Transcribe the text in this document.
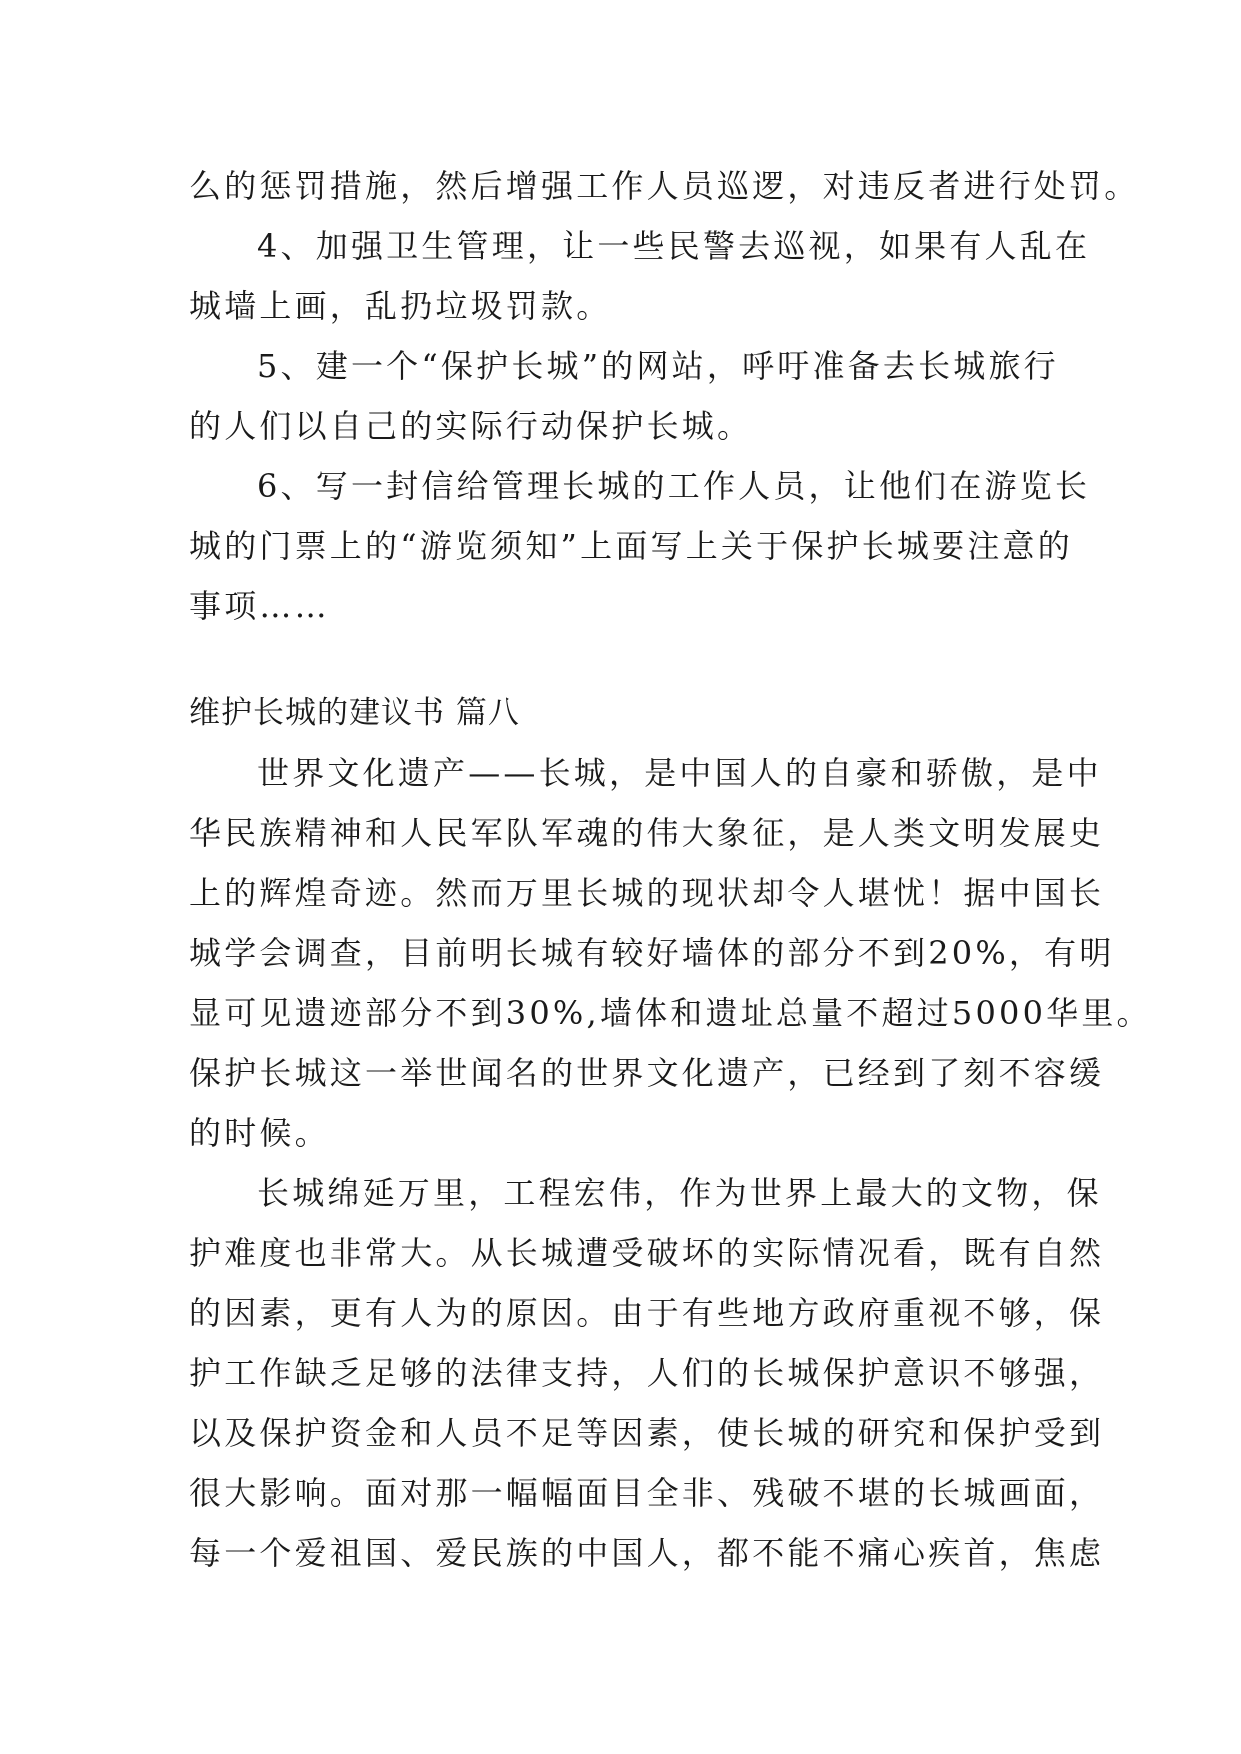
么的惩罚措施，然后增强工作人员巡逻，对违反者进行处罚。
4、加强卫生管理，让一些民警去巡视，如果有人乱在
城墙上画，乱扔垃圾罚款。
5、建一个“保护长城”的网站，呼吁准备去长城旅行
的人们以自己的实际行动保护长城。
6、写一封信给管理长城的工作人员，让他们在游览长
城的门票上的“游览须知”上面写上关于保护长城要注意的
事项……
维护长城的建议书 篇八
世界文化遗产——长城，是中国人的自豪和骄傲，是中
华民族精神和人民军队军魂的伟大象征，是人类文明发展史
上的辉煌奇迹。然而万里长城的现状却令人堪忧！据中国长
城学会调查，目前明长城有较好墙体的部分不到20%，有明
显可见遗迹部分不到30%,墙体和遗址总量不超过5000华里。
保护长城这一举世闻名的世界文化遗产，已经到了刻不容缓
的时候。
长城绵延万里，工程宏伟，作为世界上最大的文物，保
护难度也非常大。从长城遭受破坏的实际情况看，既有自然
的因素，更有人为的原因。由于有些地方政府重视不够，保
护工作缺乏足够的法律支持，人们的长城保护意识不够强，
以及保护资金和人员不足等因素，使长城的研究和保护受到
很大影响。面对那一幅幅面目全非、残破不堪的长城画面，
每一个爱祖国、爱民族的中国人，都不能不痛心疾首，焦虑
